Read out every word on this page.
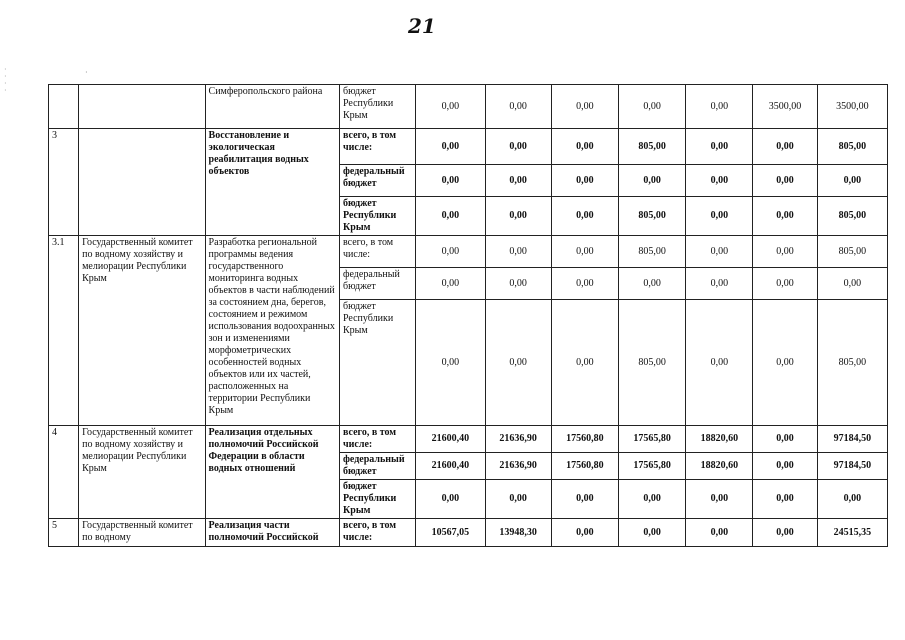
21
·
·
·
·
·
		Симферопольского района	бюджет Республики Крым	0,00	0,00	0,00	0,00	0,00	3500,00	3500,00
3		Восстановление и экологическая реабилитация водных объектов	всего, в том числе:	0,00	0,00	0,00	805,00	0,00	0,00	805,00
			федеральный бюджет	0,00	0,00	0,00	0,00	0,00	0,00	0,00
			бюджет Республики Крым	0,00	0,00	0,00	805,00	0,00	0,00	805,00
3.1	Государственный комитет по водному хозяйству и мелиорации Республики Крым	Разработка региональной программы ведения государственного мониторинга водных объектов в части наблюдений за состоянием дна, берегов, состоянием и режимом использования водоохранных зон и изменениями морфометрических особенностей водных объектов или их частей, расположенных на территории Республики Крым	всего, в том числе:	0,00	0,00	0,00	805,00	0,00	0,00	805,00
			федеральный бюджет	0,00	0,00	0,00	0,00	0,00	0,00	0,00
			бюджет Республики Крым	0,00	0,00	0,00	805,00	0,00	0,00	805,00
4	Государственный комитет по водному хозяйству и мелиорации Республики Крым	Реализация отдельных полномочий Российской Федерации в области водных отношений	всего, в том числе:	21600,40	21636,90	17560,80	17565,80	18820,60	0,00	97184,50
			федеральный бюджет	21600,40	21636,90	17560,80	17565,80	18820,60	0,00	97184,50
			бюджет Республики Крым	0,00	0,00	0,00	0,00	0,00	0,00	0,00
5	Государственный комитет по водному	Реализация части полномочий Российской	всего, в том числе:	10567,05	13948,30	0,00	0,00	0,00	0,00	24515,35
